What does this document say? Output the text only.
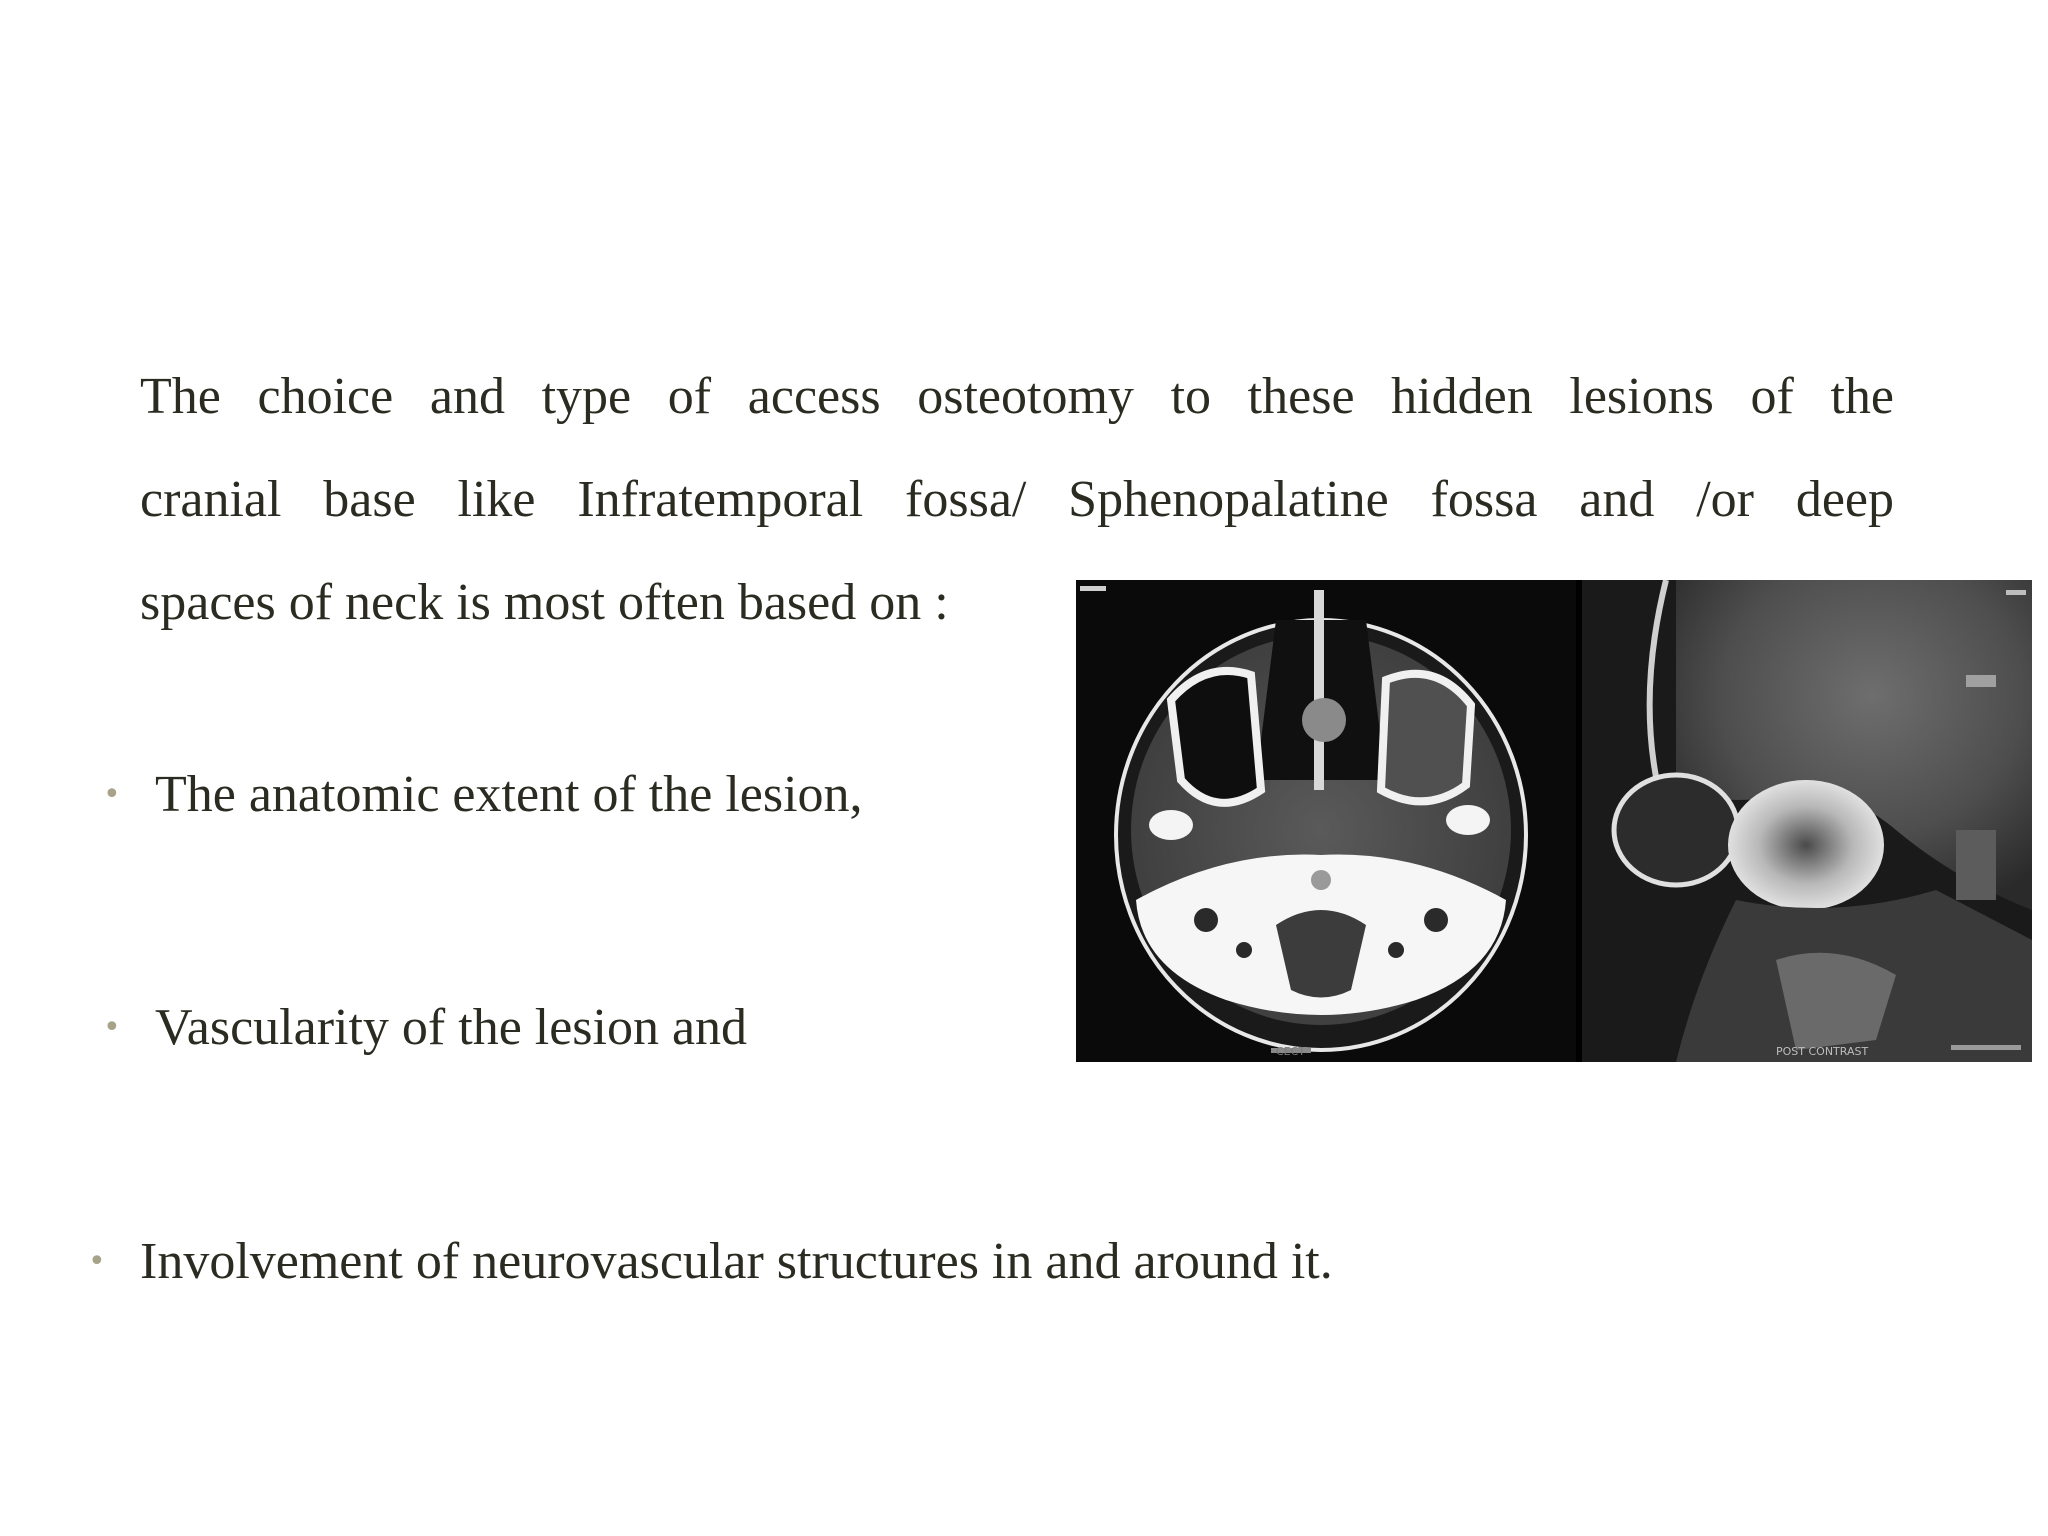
The choice and type of access osteotomy to these hidden lesions of the
cranial base like Infratemporal fossa/ Sphenopalatine fossa and /or deep
spaces of neck is most often based on :
• The anatomic extent of the lesion,
• Vascularity of the lesion and
• Involvement of neurovascular structures in and around it.
CECT	POST CONTRAST
